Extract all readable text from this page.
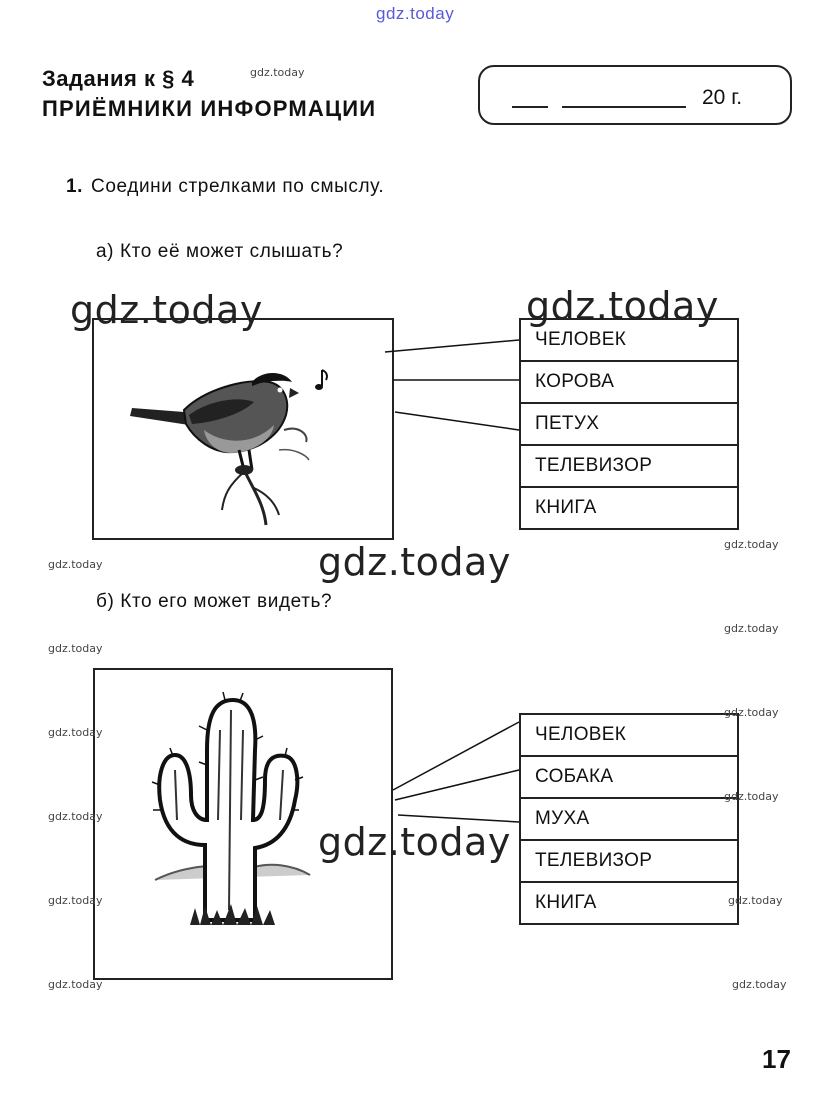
gdz.today
Задания к § 4	gdz.today
ПРИЁМНИКИ ИНФОРМАЦИИ	20 г.
1. Соедини стрелками по смыслу.
а) Кто её может слышать?
ЧЕЛОВЕК
КОРОВА
ПЕТУХ
ТЕЛЕВИЗОР
КНИГА
б) Кто его может видеть?
ЧЕЛОВЕК
СОБАКА
МУХА
ТЕЛЕВИЗОР
КНИГА
gdz.today	gdz.today
gdz.today
gdz.today
gdz.today
gdz.today
gdz.today
gdz.today
gdz.today
gdz.today
gdz.today
gdz.today
gdz.today
gdz.today
gdz.today
gdz.today
17
